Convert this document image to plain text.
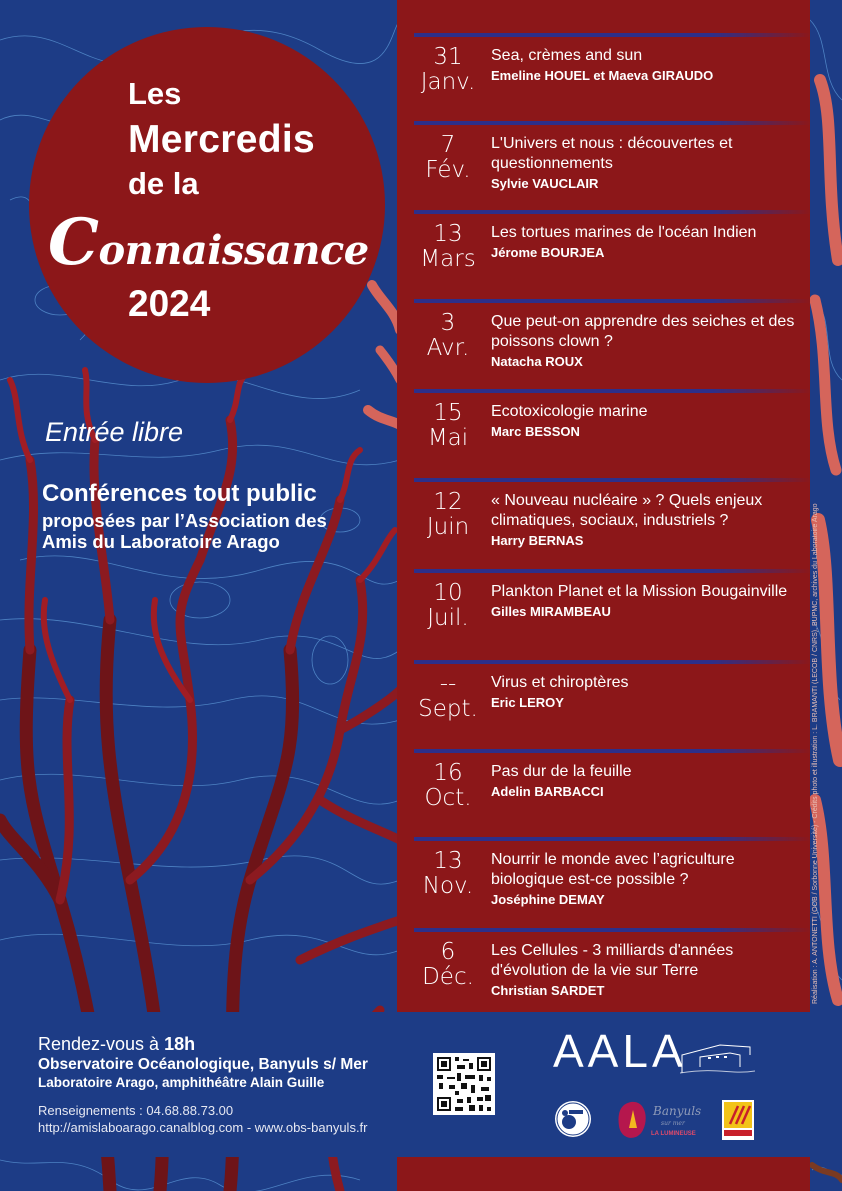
Les
Mercredis
de la
Connaissance
2024
Entrée libre
Conférences tout public
proposées par l’Association des
Amis du Laboratoire Arago
31
Janv.
Sea, crèmes and sun
Emeline HOUEL et Maeva GIRAUDO
7
Fév.
L'Univers et nous : découvertes et questionnements
Sylvie VAUCLAIR
13
Mars
Les tortues marines de l'océan Indien
Jérome BOURJEA
3
Avr.
Que peut-on apprendre des seiches et des poissons clown ?
Natacha ROUX
15
Mai
Ecotoxicologie marine
Marc BESSON
12
Juin
« Nouveau nucléaire » ? Quels enjeux climatiques, sociaux, industriels ?
Harry BERNAS
10
Juil.
Plankton Planet et la Mission Bougainville
Gilles MIRAMBEAU
--
Sept.
Virus et chiroptères
Eric LEROY
16
Oct.
Pas dur de la feuille
Adelin BARBACCI
13
Nov.
Nourrir le monde avec l’agriculture biologique est-ce possible ?
Joséphine DEMAY
6
Déc.
Les Cellules - 3 milliards d'années d'évolution de la vie sur Terre
Christian SARDET	Réalisation : A. ANTONETTI (OOB / Sorbonne Université) - Crédits photo et illustration : L. BRAMANTI (LECOB / CNRS), BUPMC, archives du Laboratoire Arago
Rendez-vous à 18h
Observatoire Océanologique, Banyuls s/ Mer
Laboratoire Arago, amphithéâtre Alain Guille
Renseignements : 04.68.88.73.00
http://amislaboarago.canalblog.com - www.obs-banyuls.fr
AALA
Banyuls
sur mer
LA LUMINEUSE
